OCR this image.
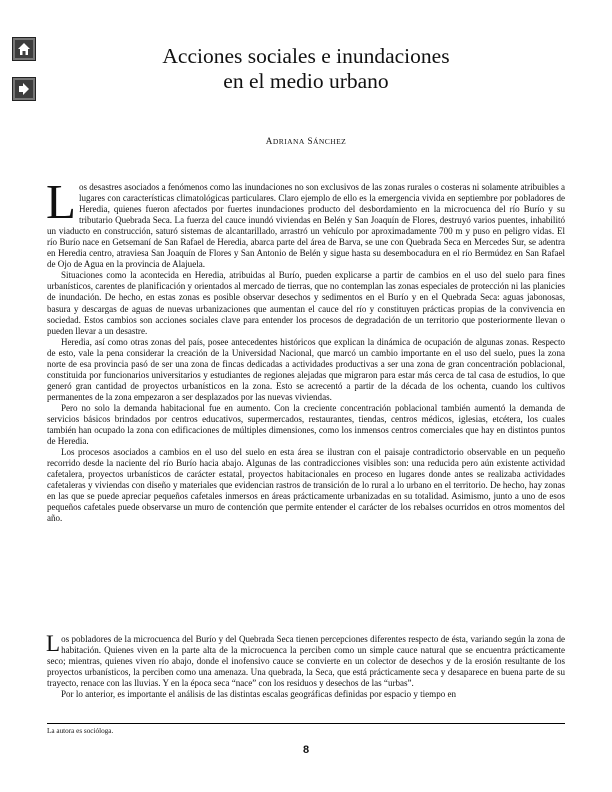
Acciones sociales e inundaciones
en el medio urbano
ADRIANA SÁNCHEZ

Los desastres asociados a fenómenos como las inundaciones no son exclusivos de las zonas rurales o costeras ni solamente atribuibles a lugares con características climatológicas particulares. Claro ejemplo de ello es la emergencia vivida en septiembre por pobladores de Heredia, quienes fueron afectados por fuertes inundaciones producto del desbordamiento en la microcuenca del río Burío y su tributario Quebrada Seca. La fuerza del cauce inundó viviendas en Belén y San Joaquín de Flores, destruyó varios puentes, inhabilitó un viaducto en construcción, saturó sistemas de alcantarillado, arrastró un vehículo por aproximadamente 700 m y puso en peligro vidas. El río Burío nace en Getsemaní de San Rafael de Heredia, abarca parte del área de Barva, se une con Quebrada Seca en Mercedes Sur, se adentra en Heredia centro, atraviesa San Joaquín de Flores y San Antonio de Belén y sigue hasta su desembocadura en el río Bermúdez en San Rafael de Ojo de Agua en la provincia de Alajuela.

Situaciones como la acontecida en Heredia, atribuidas al Burío, pueden explicarse a partir de cambios en el uso del suelo para fines urbanísticos, carentes de planificación y orientados al mercado de tierras, que no contemplan las zonas especiales de protección ni las planicies de inundación. De hecho, en estas zonas es posible observar desechos y sedimentos en el Burío y en el Quebrada Seca: aguas jabonosas, basura y descargas de aguas de nuevas urbanizaciones que aumentan el cauce del río y constituyen prácticas propias de la convivencia en sociedad. Estos cambios son acciones sociales clave para entender los procesos de degradación de un territorio que posteriormente llevan o pueden llevar a un desastre.

Heredia, así como otras zonas del país, posee antecedentes históricos que explican la dinámica de ocupación de algunas zonas. Respecto de esto, vale la pena considerar la creación de la Universidad Nacional, que marcó un cambio importante en el uso del suelo, pues la zona norte de esa provincia pasó de ser una zona de fincas dedicadas a actividades productivas a ser una zona de gran concentración poblacional, constituida por funcionarios universitarios y estudiantes de regiones alejadas que migraron para estar más cerca de tal casa de estudios, lo que generó gran cantidad de proyectos urbanísticos en la zona. Esto se acrecentó a partir de la década de los ochenta, cuando los cultivos permanentes de la zona empezaron a ser desplazados por las nuevas viviendas.

Pero no solo la demanda habitacional fue en aumento. Con la creciente concentración poblacional también aumentó la demanda de servicios básicos brindados por centros educativos, supermercados, restaurantes, tiendas, centros médicos, iglesias, etcétera, los cuales también han ocupado la zona con edificaciones de múltiples dimensiones, como los inmensos centros comerciales que hay en distintos puntos de Heredia.

Los procesos asociados a cambios en el uso del suelo en esta área se ilustran con el paisaje contradictorio observable en un pequeño recorrido desde la naciente del río Burío hacia abajo. Algunas de las contradicciones visibles son: una reducida pero aún existente actividad cafetalera, proyectos urbanísticos de carácter estatal, proyectos habitacionales en proceso en lugares donde antes se realizaba actividades cafetaleras y viviendas con diseño y materiales que evidencian rastros de transición de lo rural a lo urbano en el territorio. De hecho, hay zonas en las que se puede apreciar pequeños cafetales inmersos en áreas prácticamente urbanizadas en su totalidad. Asimismo, junto a uno de esos pequeños cafetales puede observarse un muro de contención que permite entender el carácter de los rebalses ocurridos en otros momentos del año.

Los pobladores de la microcuenca del Burío y del Quebrada Seca tienen percepciones diferentes respecto de ésta, variando según la zona de habitación. Quienes viven en la parte alta de la microcuenca la perciben como un simple cauce natural que se encuentra prácticamente seco; mientras, quienes viven río abajo, donde el inofensivo cauce se convierte en un colector de desechos y de la erosión resultante de los proyectos urbanísticos, la perciben como una amenaza. Una quebrada, la Seca, que está prácticamente seca y desaparece en buena parte de su trayecto, renace con las lluvias. Y en la época seca “nace” con los residuos y desechos de las “urbas”.

Por lo anterior, es importante el análisis de las distintas escalas geográficas definidas por espacio y tiempo en

La autora es socióloga.
8
